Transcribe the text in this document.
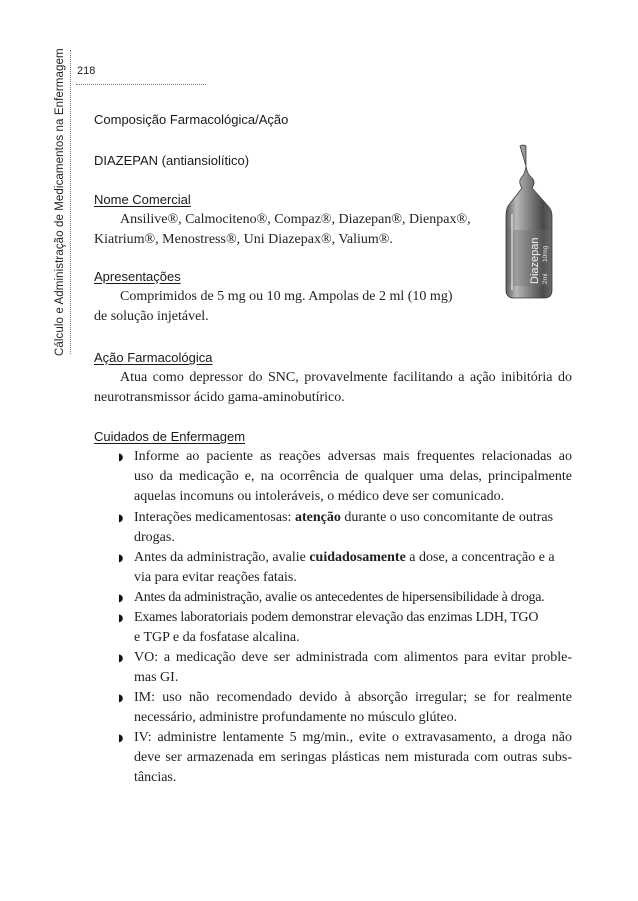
Cálculo e Administração de Medicamentos na Enfermagem 218
Composição Farmacológica/Ação
DIAZEPAN (antiansiolítico)
Nome Comercial
Ansilive®, Calmociteno®, Compaz®, Diazepan®, Dienpax®,
Kiatrium®, Menostress®, Uni Diazepax®, Valium®.
Apresentações
Comprimidos de 5 mg ou 10 mg. Ampolas de 2 ml (10 mg)
de solução injetável.
Ação Farmacológica
Atua como depressor do SNC, provavelmente facilitando a ação inibitória do
neurotransmissor ácido gama-aminobutírico.
Cuidados de Enfermagem
◗ Informe ao paciente as reações adversas mais frequentes relacionadas ao
uso da medicação e, na ocorrência de qualquer uma delas, principalmente
aquelas incomuns ou intoleráveis, o médico deve ser comunicado.
◗ Interações medicamentosas: atenção durante o uso concomitante de outras
drogas.
◗ Antes da administração, avalie cuidadosamente a dose, a concentração e a
via para evitar reações fatais.
◗ Antes da administração, avalie os antecedentes de hipersensibilidade à droga.
◗ Exames laboratoriais podem demonstrar elevação das enzimas LDH, TGO
e TGP e da fosfatase alcalina.
◗ VO: a medicação deve ser administrada com alimentos para evitar proble-
mas GI.
◗ IM: uso não recomendado devido à absorção irregular; se for realmente
necessário, administre profundamente no músculo glúteo.
◗ IV: administre lentamente 5 mg/min., evite o extravasamento, a droga não
deve ser armazenada em seringas plásticas nem misturada com outras subs-
tâncias.
Diazepan 2ml
10mg
